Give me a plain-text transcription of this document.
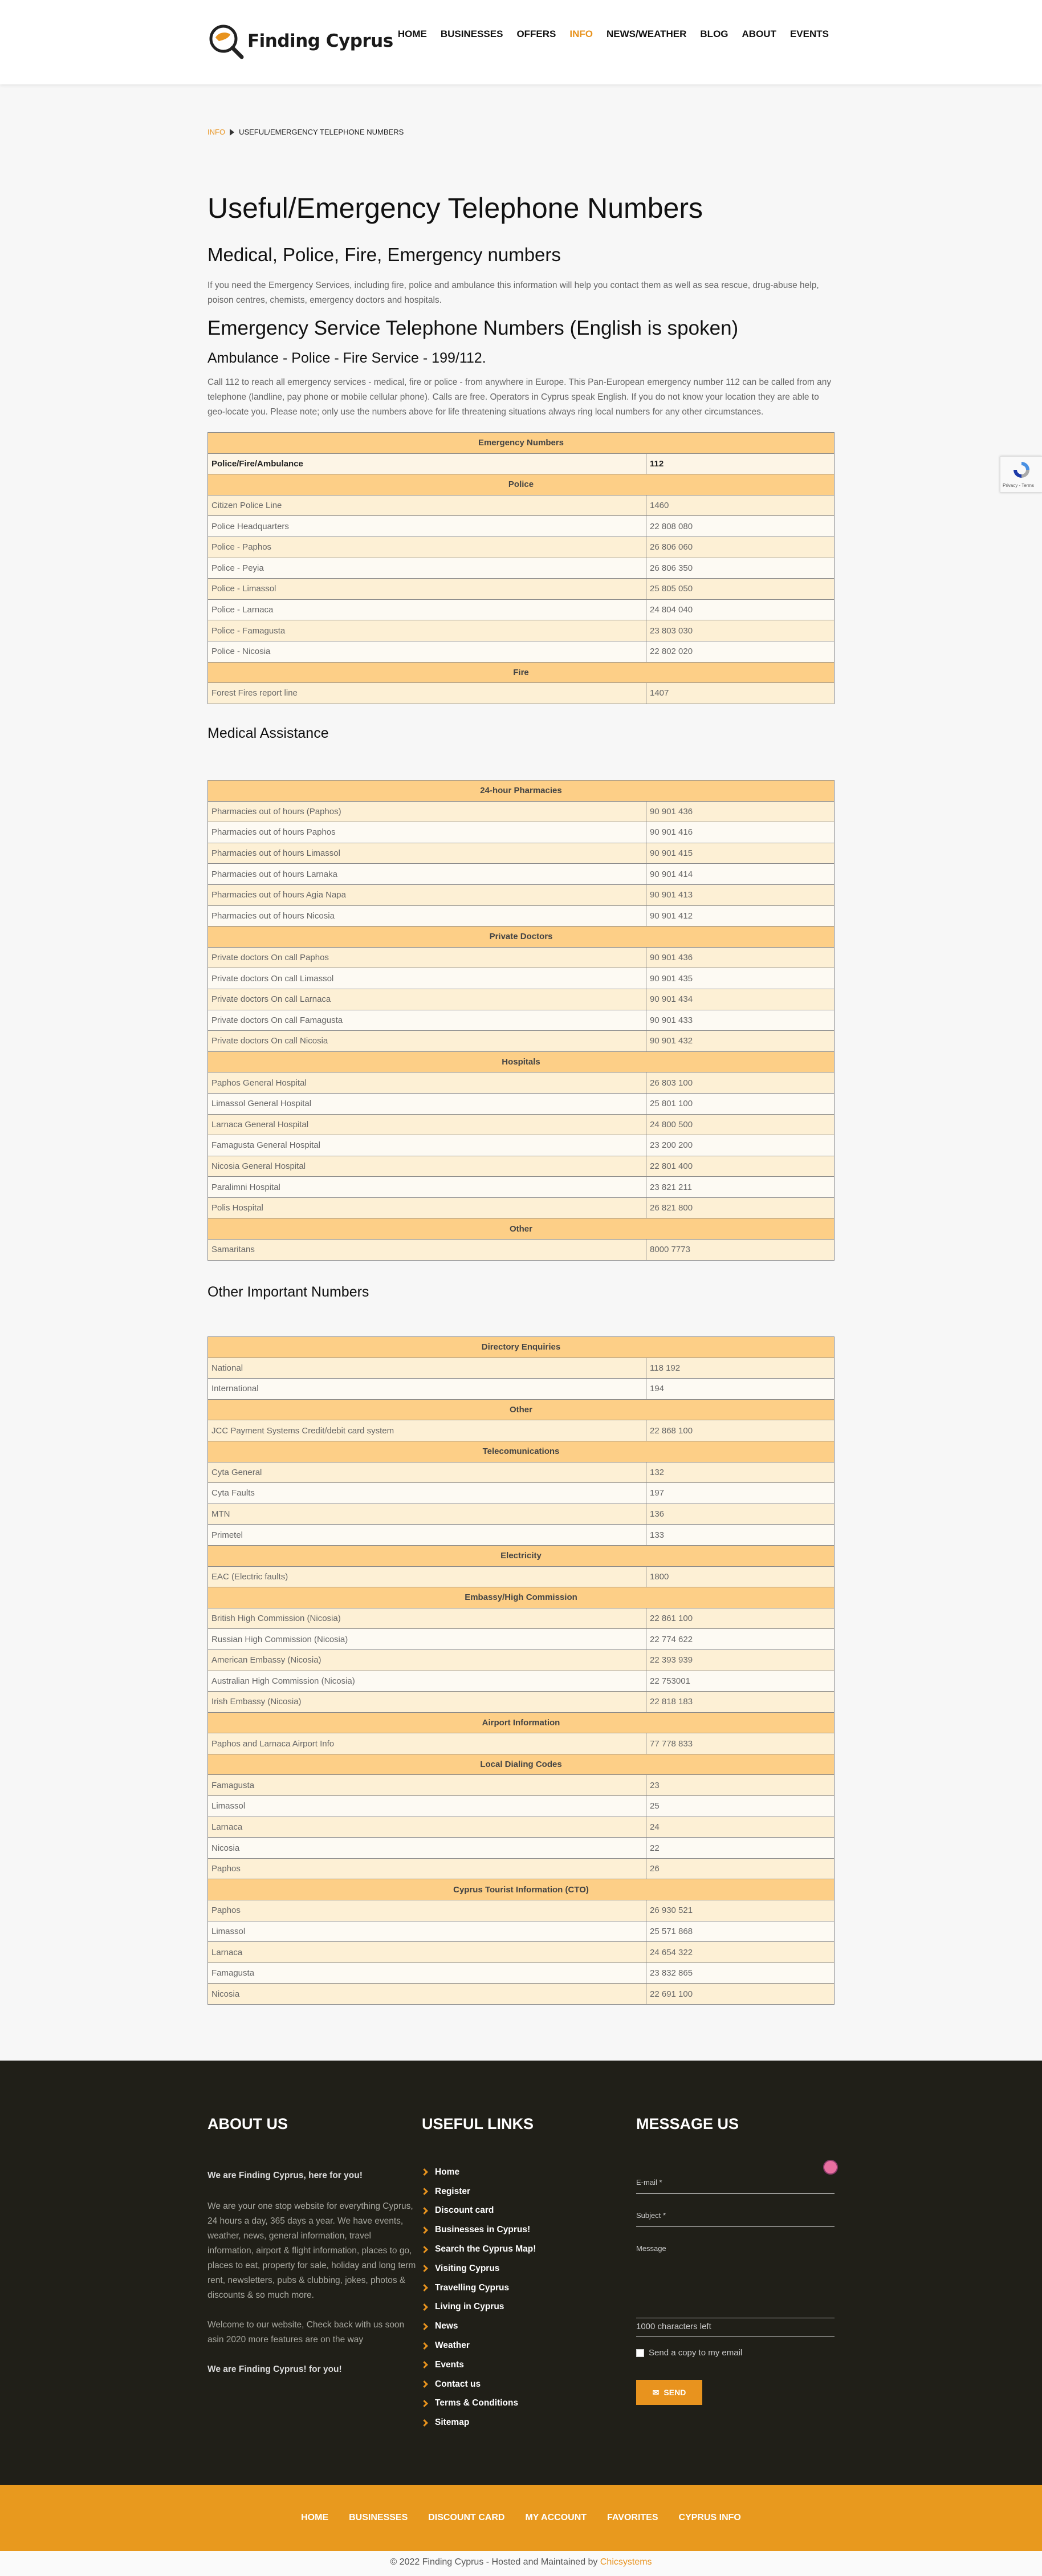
Finding Cyprus HOME BUSINESSES OFFERS INFO NEWS/WEATHER BLOG ABOUT EVENTS
INFO USEFUL/EMERGENCY TELEPHONE NUMBERS
Useful/Emergency Telephone Numbers
Medical, Police, Fire, Emergency numbers

If you need the Emergency Services, including fire, police and ambulance this information will help you contact them as well as sea rescue, drug-abuse help, poison centres, chemists, emergency doctors and hospitals.

Emergency Service Telephone Numbers (English is spoken)
Ambulance - Police - Fire Service - 199/112.

Call 112 to reach all emergency services - medical, fire or police - from anywhere in Europe. This Pan-European emergency number 112 can be called from any telephone (landline, pay phone or mobile cellular phone). Calls are free. Operators in Cyprus speak English. If you do not know your location they are able to geo-locate you. Please note; only use the numbers above for life threatening situations always ring local numbers for any other circumstances.

Emergency Numbers	
Police/Fire/Ambulance	112
Police	
Citizen Police Line	1460
Police Headquarters	22 808 080
Police - Paphos	26 806 060
Police - Peyia	26 806 350
Police - Limassol	25 805 050
Police - Larnaca	24 804 040
Police - Famagusta	23 803 030
Police - Nicosia	22 802 020
Fire	
Forest Fires report line	1407
Medical Assistance
24-hour Pharmacies	
Pharmacies out of hours (Paphos)	90 901 436
Pharmacies out of hours Paphos	90 901 416
Pharmacies out of hours Limassol	90 901 415
Pharmacies out of hours Larnaka	90 901 414
Pharmacies out of hours Agia Napa	90 901 413
Pharmacies out of hours Nicosia	90 901 412
Private Doctors	
Private doctors On call Paphos	90 901 436
Private doctors On call Limassol	90 901 435
Private doctors On call Larnaca	90 901 434
Private doctors On call Famagusta	90 901 433
Private doctors On call Nicosia	90 901 432
Hospitals	
Paphos General Hospital	26 803 100
Limassol General Hospital	25 801 100
Larnaca General Hospital	24 800 500
Famagusta General Hospital	23 200 200
Nicosia General Hospital	22 801 400
Paralimni Hospital	23 821 211
Polis Hospital	26 821 800
Other	
Samaritans	8000 7773
Other Important Numbers
Directory Enquiries	
National	118 192
International	194
Other	
JCC Payment Systems Credit/debit card system	22 868 100
Telecomunications	
Cyta General	132
Cyta Faults	197
MTN	136
Primetel	133
Electricity	
EAC (Electric faults)	1800
Embassy/High Commission	
British High Commission (Nicosia)	22 861 100
Russian High Commission (Nicosia)	22 774 622
American Embassy (Nicosia)	22 393 939
Australian High Commission (Nicosia)	22 753001
Irish Embassy (Nicosia)	22 818 183
Airport Information	
Paphos and Larnaca Airport Info	77 778 833
Local Dialing Codes	
Famagusta	23
Limassol	25
Larnaca	24
Nicosia	22
Paphos	26
Cyprus Tourist Information (CTO)	
Paphos	26 930 521
Limassol	25 571 868
Larnaca	24 654 322
Famagusta	23 832 865
Nicosia	22 691 100
Privacy - Terms
ABOUT US

We are Finding Cyprus, here for you!

We are your one stop website for everything Cyprus, 24 hours a day, 365 days a year. We have events, weather, news, general information, travel information, airport & flight information, places to go, places to eat, property for sale, holiday and long term rent, newsletters, pubs & clubbing, jokes, photos & discounts & so much more.

Welcome to our website, Check back with us soon asin 2020 more features are on the way

We are Finding Cyprus! for you!

USEFUL LINKS
Home
Register
Discount card
Businesses in Cyprus!
Search the Cyprus Map!
Visiting Cyprus
Travelling Cyprus
Living in Cyprus
News
Weather
Events
Contact us
Terms & Conditions
Sitemap
MESSAGE US
E-mail *
Subject *
Message
1000 characters left
Send a copy to my email
✉ SEND
HOME BUSINESSES DISCOUNT CARD MY ACCOUNT FAVORITES CYPRUS INFO
© 2022 Finding Cyprus - Hosted and Maintained by Chicsystems
